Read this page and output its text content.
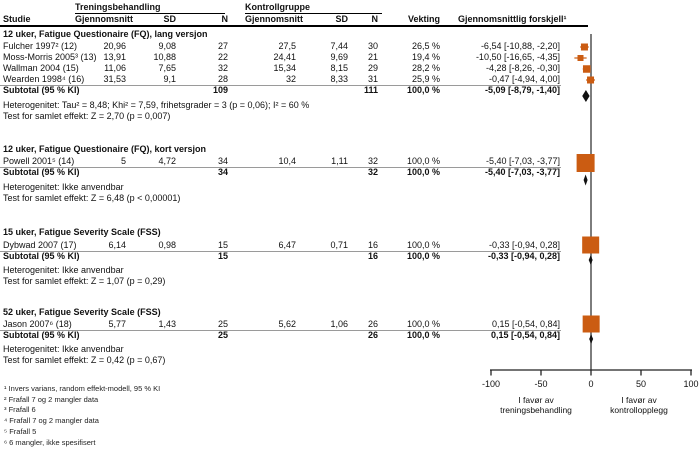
Treningsbehandling	Kontrollgruppe
Studie	Gjennomsnitt	SD	N Gjennomsnitt	SD	N	Vekting Gjennomsnittlig forskjell¹
12 uker, Fatigue Questionaire (FQ), lang versjon
Fulcher 1997² (12)	20,96	9,08	27	27,5	7,44	30	26,5 %	-6,54 [-10,88, -2,20]
Moss-Morris 2005³ (13) 13,91	10,88	22	24,41	9,69	21	19,4 %	-10,50 [-16,65, -4,35]
Wallman 2004 (15)	11,06	7,65	32	15,34	8,15	29	28,2 %	-4,28 [-8,26, -0,30]
Wearden 1998⁴ (16)	31,53	9,1	28	32	8,33	31	25,9 %	-0,47 [-4,94, 4,00]
Subtotal (95 % KI)	109	111	100,0 %	-5,09 [-8,79, -1,40]
Heterogenitet: Tau² = 8,48; Khi² = 7,59, frihetsgrader = 3 (p = 0,06); I² = 60 %
Test for samlet effekt: Z = 2,70 (p = 0,007)
12 uker, Fatigue Questionaire (FQ), kort versjon
Powell 2001⁵ (14)	5	4,72	34	10,4	1,11	32	100,0 %	-5,40 [-7,03, -3,77]
Subtotal (95 % KI)	34	32	100,0 %	-5,40 [-7,03, -3,77]
Heterogenitet: Ikke anvendbar
Test for samlet effekt: Z = 6,48 (p < 0,00001)
15 uker, Fatigue Severity Scale (FSS)
Dybwad 2007 (17)	6,14	0,98	15	6,47	0,71	16	100,0 %	-0,33 [-0,94, 0,28]
Subtotal (95 % KI)	15	16	100,0 %	-0,33 [-0,94, 0,28]
Heterogenitet: Ikke anvendbar
Test for samlet effekt: Z = 1,07 (p = 0,29)
52 uker, Fatigue Severity Scale (FSS)
Jason 2007⁶ (18)	5,77	1,43	25	5,62	1,06	26	100,0 %	0,15 [-0,54, 0,84]
Subtotal (95 % KI)	25	26	100,0 %	0,15 [-0,54, 0,84]
Heterogenitet: Ikke anvendbar
Test for samlet effekt: Z = 0,42 (p = 0,67)
-100	-50	0	50	100
I favør av
treningsbehandling
I favør av
kontrollopplegg
¹ Invers varians, random effekt-modell, 95 % KI
² Frafall 7 og 2 mangler data
³ Frafall 6
⁴ Frafall 7 og 2 mangler data
⁵ Frafall 5
⁶ 6 mangler, ikke spesifisert
